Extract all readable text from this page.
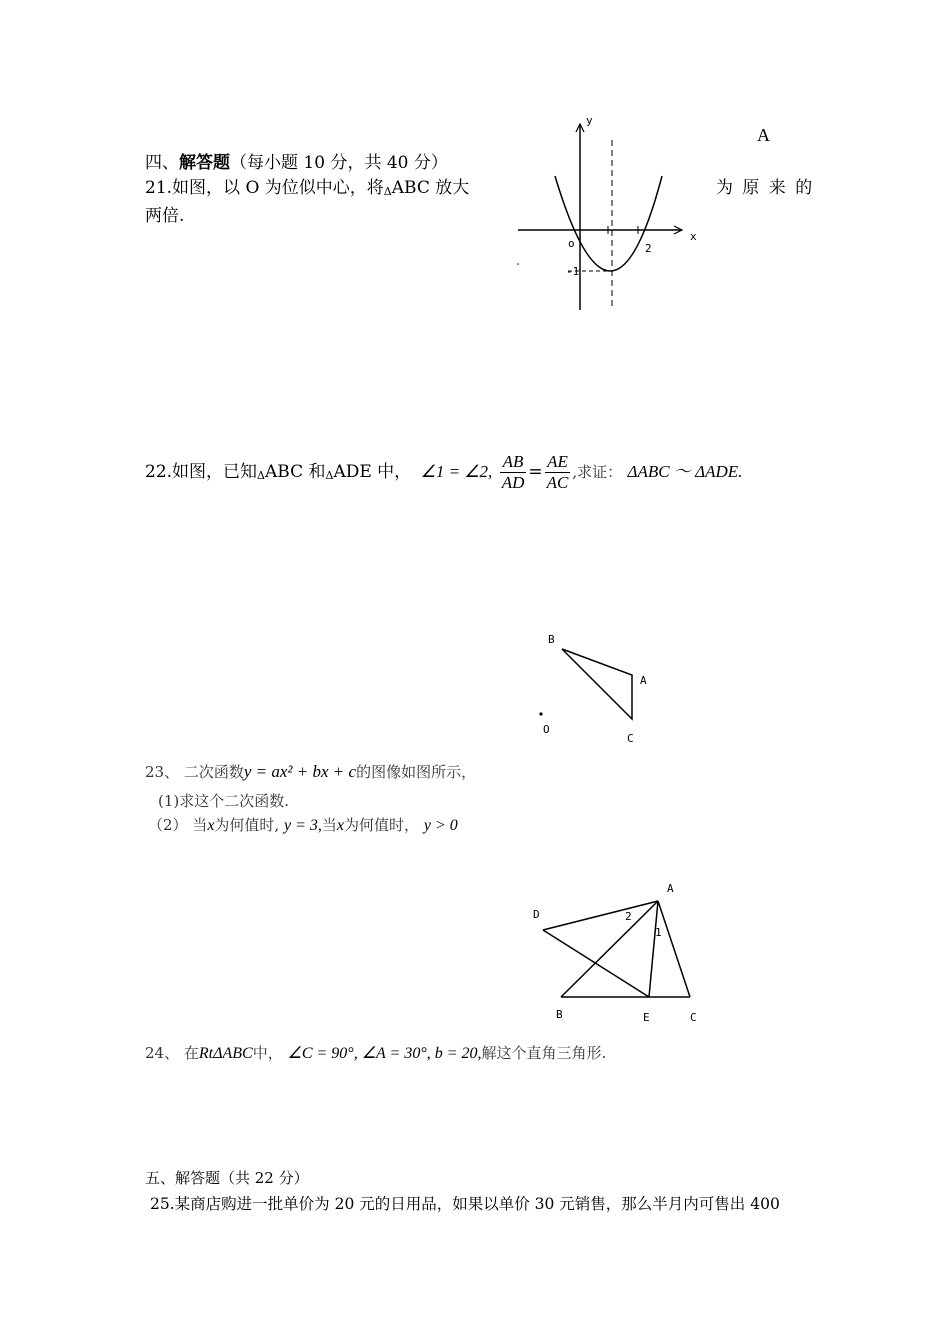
四、解答题（每小题 10 分，共 40 分）
21.如图，以 O 为位似中心，将ΔABC 放大	为 原 来 的
两倍.
A
y
x
o	2
-1
22.如图，已知ΔABC 和ΔADE 中， ∠1 = ∠2, $\frac{AB}{AD} = \frac{AE}{AC}$ ,求证： ΔABC ～ ΔADE.
B
A
C
O
23、 二次函数y = ax² + bx + c的图像如图所示，
(1)求这个二次函数.
（2） 当x为何值时, y = 3,当x为何值时， y > 0
A
D
B	E	C
2
1
24、 在RtΔABC中， ∠C = 90°, ∠A = 30°, b = 20,解这个直角三角形.
五、解答题（共 22 分）
25.某商店购进一批单价为 20 元的日用品，如果以单价 30 元销售，那么半月内可售出 400
